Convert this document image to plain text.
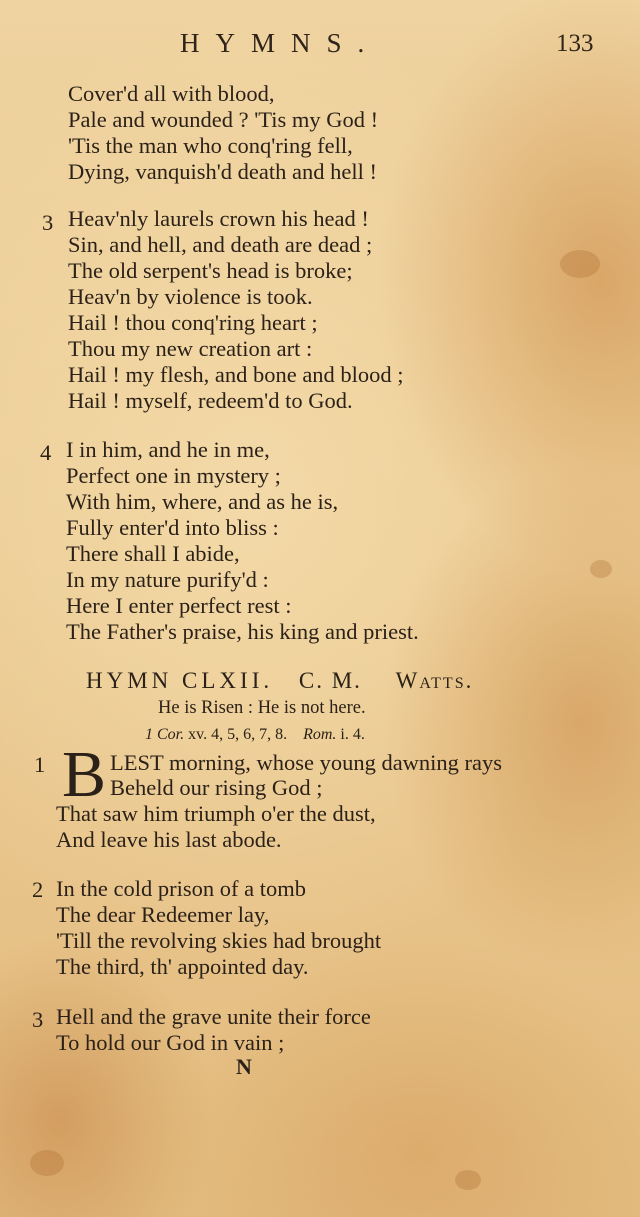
HYMNS.	133
Cover'd all with blood,
Pale and wounded ? 'Tis my God !
'Tis the man who conq'ring fell,
Dying, vanquish'd death and hell !
3 Heav'nly laurels crown his head !
Sin, and hell, and death are dead ;
The old serpent's head is broke;
Heav'n by violence is took.
Hail ! thou conq'ring heart ;
Thou my new creation art :
Hail ! my flesh, and bone and blood ;
Hail ! myself, redeem'd to God.
4 I in him, and he in me,
Perfect one in mystery ;
With him, where, and as he is,
Fully enter'd into bliss :
There shall I abide,
In my nature purify'd :
Here I enter perfect rest :
The Father's praise, his king and priest.
HYMN CLXII. C. M. Watts.
He is Risen : He is not here.
1 Cor. xv. 4, 5, 6, 7, 8. Rom. i. 4.
1 B LEST morning, whose young dawning rays
Beheld our rising God ;
That saw him triumph o'er the dust,
And leave his last abode.
2 In the cold prison of a tomb
The dear Redeemer lay,
'Till the revolving skies had brought
The third, th' appointed day.
3 Hell and the grave unite their force
To hold our God in vain ;
N
